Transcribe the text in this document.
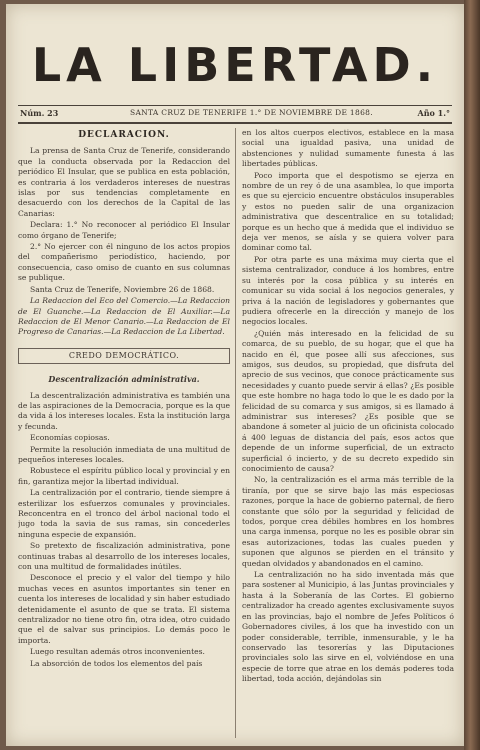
LA LIBERTAD.
Núm. 23	SANTA CRUZ DE TENERIFE 1.° DE NOVIEMBRE DE 1868.	Año 1.°
DECLARACION.

La prensa de Santa Cruz de Tenerife, considerando que la conducta observada por la Redaccion del periódico El Insular, que se publica en esta población, es contraria á los verdaderos intereses de nuestras islas por sus tendencias completamente en desacuerdo con los derechos de la Capital de las Canarias:

Declara: 1.° No reconocer al periódico El Insular como órgano de Tenerife;

2.° No ejercer con él ninguno de los actos propios del compañerismo periodístico, haciendo, por consecuencia, caso omiso de cuanto en sus columnas se publique.

Santa Cruz de Tenerife, Noviembre 26 de 1868.

La Redaccion del Eco del Comercio.—La Redaccion de El Guanche.—La Redaccion de El Auxiliar.—La Redaccion de El Menor Canario.—La Redaccion de El Progreso de Canarias.—La Redaccion de La Libertad.

CREDO DEMOCRÁTICO.
Descentralización administrativa.

La descentralización administrativa es también una de las aspiraciones de la Democracia, porque es la que da vida á los intereses locales. Esta la institución larga y fecunda.

Economías copiosas.

Permite la resolución inmediata de una multitud de pequeños intereses locales.

Robustece el espíritu público local y provincial y en fin, garantiza mejor la libertad individual.

La centralización por el contrario, tiende siempre á esterilizar los esfuerzos comunales y provinciales. Reconcentra en el tronco del árbol nacional todo el jugo toda la savia de sus ramas, sin concederles ninguna especie de expansión.

So pretexto de fiscalización administrativa, pone continuas trabas al desarrollo de los intereses locales, con una multitud de formalidades inútiles.

Desconoce el precio y el valor del tiempo y hilo muchas veces en asuntos importantes sin tener en cuenta los intereses de localidad y sin haber estudiado detenidamente el asunto de que se trata. El sistema centralizador no tiene otro fin, otra idea, otro cuidado que el de salvar sus principios. Lo demás poco le importa.

Luego resultan además otros inconvenientes.

La absorción de todos los elementos del país

en los altos cuerpos electivos, establece en la masa social una igualdad pasiva, una unidad de abstenciones y nulidad sumamente funesta á las libertades públicas.

Poco importa que el despotismo se ejerza en nombre de un rey ó de una asamblea, lo que importa es que su ejercicio encuentre obstáculos insuperables y estos no pueden salir de una organizacion administrativa que descentralice en su totalidad; porque es un hecho que á medida que el individuo se deja ver menos, se aísla y se quiera volver para dominar como tal.

Por otra parte es una máxima muy cierta que el sistema centralizador, conduce á los hombres, entre su interés por la cosa pública y su interés en comunicar su vida social á los negocios generales, y priva á la nación de legisladores y gobernantes que pudiera ofrecerle en la dirección y manejo de los negocios locales.

¿Quién más interesado en la felicidad de su comarca, de su pueblo, de su hogar, que el que ha nacido en él, que posee allí sus afecciones, sus amigos, sus deudos, su propiedad, que disfruta del aprecio de sus vecinos, que conoce prácticamente sus necesidades y cuanto puede servir á ellas? ¿Es posible que este hombre no haga todo lo que le es dado por la felicidad de su comarca y sus amigos, si es llamado á administrar sus intereses? ¿Es posible que se abandone á someter al juicio de un oficinista colocado á 400 leguas de distancia del país, esos actos que depende de un informe superficial, de un extracto superficial ó incierto, y de su decreto expedido sin conocimiento de causa?

No, la centralización es el arma más terrible de la tiranía, por que se sirve bajo las más especiosas razones, porque la hace de gobierno paternal, de fiero constante que sólo por la seguridad y felicidad de todos, porque crea débiles hombres en los hombres una carga inmensa, porque no les es posible obrar sin esas autorizaciones, todas las cuales pueden y suponen que algunos se pierden en el tránsito y quedan olvidados y abandonados en el camino.

La centralización no ha sido inventada más que para sostener al Municipio, á las Juntas provinciales y hasta á la Soberanía de las Cortes. El gobierno centralizador ha creado agentes exclusivamente suyos en las provincias, bajo el nombre de Jefes Políticos ó Gobernadores civiles, á los que ha investido con un poder considerable, terrible, inmensurable, y le ha conservado las tesorerías y las Diputaciones provinciales solo las sirve en el, volviéndose en una especie de torre que atrae en los demás poderes toda libertad, toda acción, dejándolas sin
